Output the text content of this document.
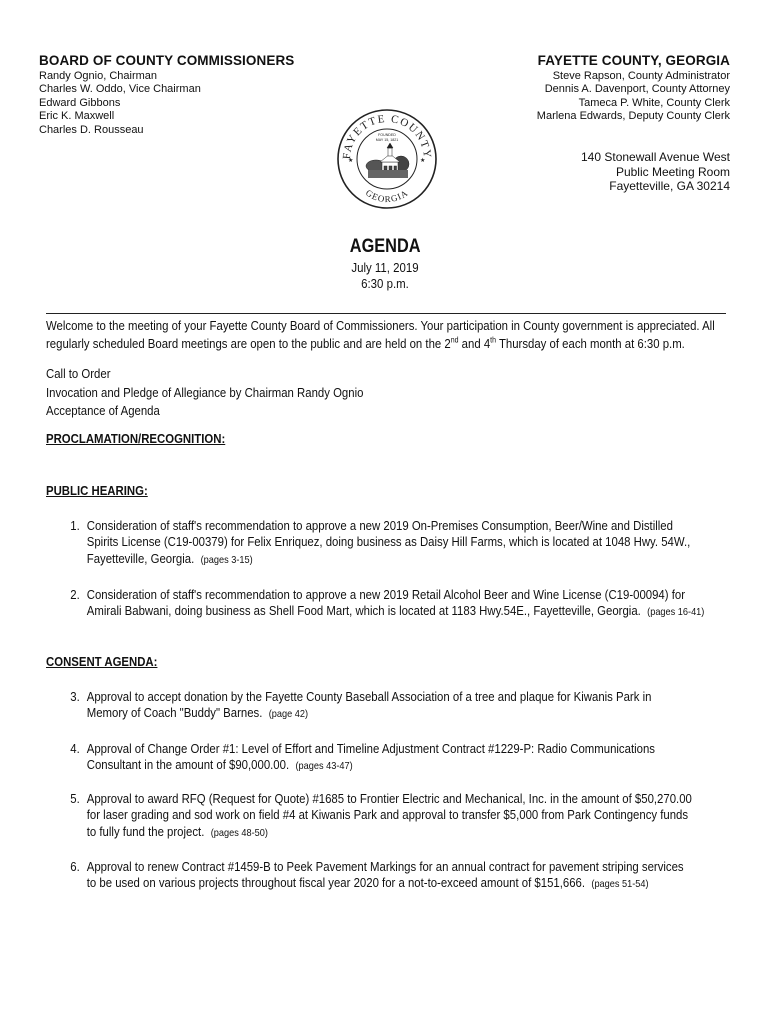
BOARD OF COUNTY COMMISSIONERS
Randy Ognio, Chairman
Charles W. Oddo, Vice Chairman
Edward Gibbons
Eric K. Maxwell
Charles D. Rousseau
FAYETTE COUNTY, GEORGIA
Steve Rapson, County Administrator
Dennis A. Davenport, County Attorney
Tameca P. White, County Clerk
Marlena Edwards, Deputy County Clerk
140 Stonewall Avenue West
Public Meeting Room
Fayetteville, GA 30214
FAYETTE COUNTY
GEORGIA
FOUNDED
MAY 15, 1821
★	★
AGENDA
July 11, 2019
6:30 p.m.
Welcome to the meeting of your Fayette County Board of Commissioners. Your participation in County government is appreciated. All
regularly scheduled Board meetings are open to the public and are held on the 2nd and 4th Thursday of each month at 6:30 p.m.
Call to Order
Invocation and Pledge of Allegiance by Chairman Randy Ognio
Acceptance of Agenda
PROCLAMATION/RECOGNITION:
PUBLIC HEARING:
CONSENT AGENDA:
1. Consideration of staff's recommendation to approve a new 2019 On-Premises Consumption, Beer/Wine and Distilled
Spirits License (C19-00379) for Felix Enriquez, doing business as Daisy Hill Farms, which is located at 1048 Hwy. 54W.,
Fayetteville, Georgia. (pages 3-15)
2. Consideration of staff's recommendation to approve a new 2019 Retail Alcohol Beer and Wine License (C19-00094) for
Amirali Babwani, doing business as Shell Food Mart, which is located at 1183 Hwy.54E., Fayetteville, Georgia. (pages 16-41)
3. Approval to accept donation by the Fayette County Baseball Association of a tree and plaque for Kiwanis Park in
Memory of Coach "Buddy" Barnes. (page 42)
4. Approval of Change Order #1: Level of Effort and Timeline Adjustment Contract #1229-P: Radio Communications
Consultant in the amount of $90,000.00. (pages 43-47)
5. Approval to award RFQ (Request for Quote) #1685 to Frontier Electric and Mechanical, Inc. in the amount of $50,270.00
for laser grading and sod work on field #4 at Kiwanis Park and approval to transfer $5,000 from Park Contingency funds
to fully fund the project. (pages 48-50)
6. Approval to renew Contract #1459-B to Peek Pavement Markings for an annual contract for pavement striping services
to be used on various projects throughout fiscal year 2020 for a not-to-exceed amount of $151,666. (pages 51-54)
